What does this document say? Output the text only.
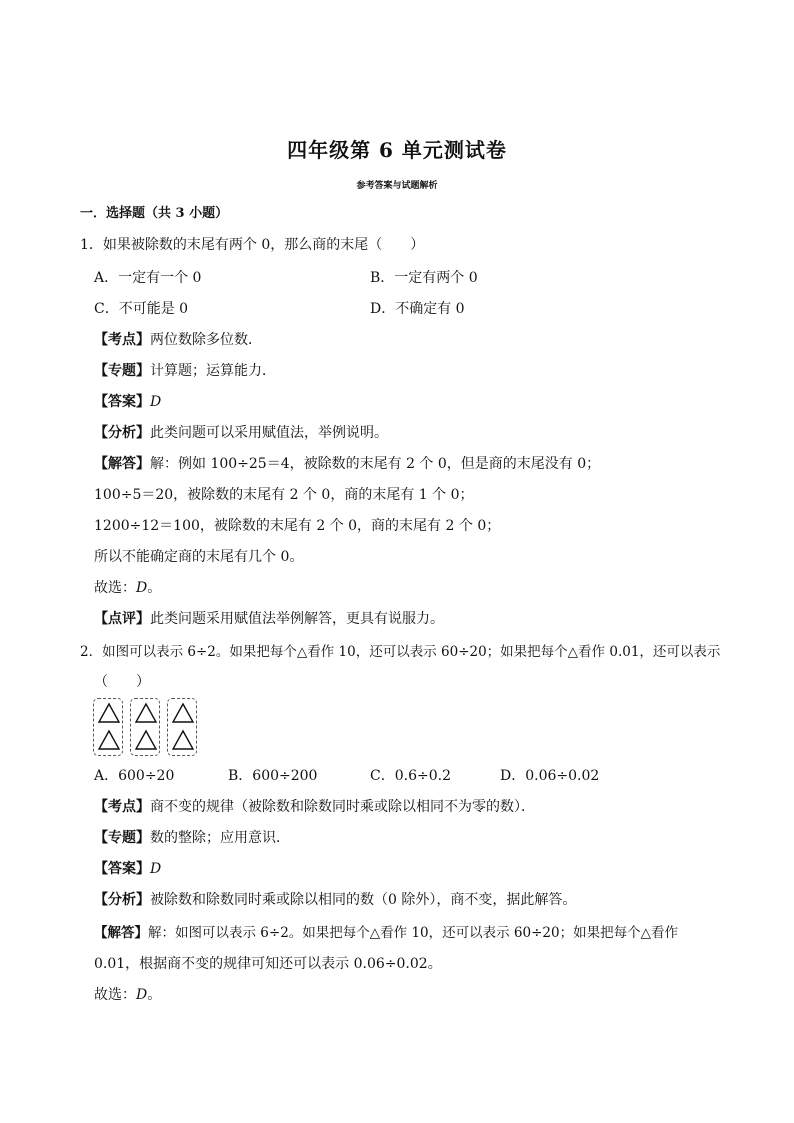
四年级第 6 单元测试卷
参考答案与试题解析
一．选择题（共 3 小题）
1．如果被除数的末尾有两个 0，那么商的末尾（　　）
A．一定有一个 0	B．一定有两个 0
C．不可能是 0	D．不确定有 0
【考点】两位数除多位数．
【专题】计算题；运算能力．
【答案】D
【分析】此类问题可以采用赋值法，举例说明。
【解答】解：例如 100÷25＝4，被除数的末尾有 2 个 0，但是商的末尾没有 0；
100÷5＝20，被除数的末尾有 2 个 0，商的末尾有 1 个 0；
1200÷12＝100，被除数的末尾有 2 个 0，商的末尾有 2 个 0；
所以不能确定商的末尾有几个 0。
故选：D。
【点评】此类问题采用赋值法举例解答，更具有说服力。
2．如图可以表示 6÷2。如果把每个△看作 10，还可以表示 60÷20；如果把每个△看作 0.01，还可以表示
（　　）
A．600÷20	B．600÷200	C．0.6÷0.2	D．0.06÷0.02
【考点】商不变的规律（被除数和除数同时乘或除以相同不为零的数）．
【专题】数的整除；应用意识．
【答案】D
【分析】被除数和除数同时乘或除以相同的数（0 除外），商不变，据此解答。
【解答】解：如图可以表示 6÷2。如果把每个△看作 10，还可以表示 60÷20；如果把每个△看作
0.01，根据商不变的规律可知还可以表示 0.06÷0.02。
故选：D。
